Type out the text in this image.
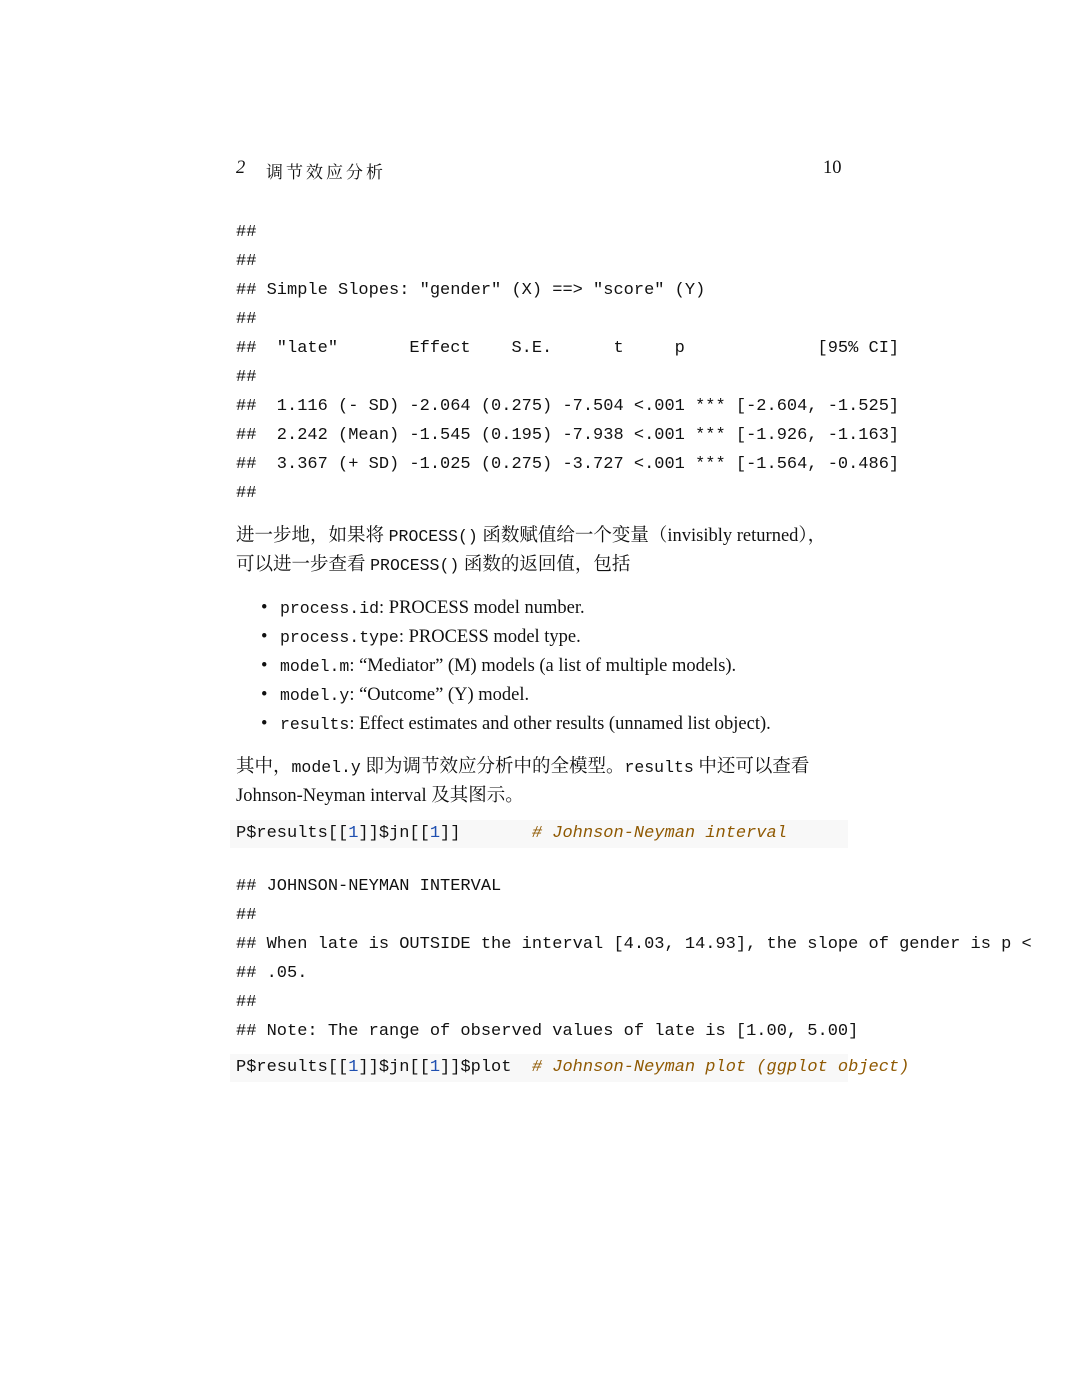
2 调节效应分析	10
##
##
## Simple Slopes: "gender" (X) ==> "score" (Y)
##
##  "late"       Effect    S.E.      t     p             [95% CI]
##
##  1.116 (- SD) -2.064 (0.275) -7.504 <.001 *** [-2.604, -1.525]
##  2.242 (Mean) -1.545 (0.195) -7.938 <.001 *** [-1.926, -1.163]
##  3.367 (+ SD) -1.025 (0.275) -3.727 <.001 *** [-1.564, -0.486]
##
进一步地，如果将 PROCESS() 函数赋值给一个变量（invisibly returned），
可以进一步查看 PROCESS() 函数的返回值，包括
• process.id: PROCESS model number.
• process.type: PROCESS model type.
• model.m: “Mediator” (M) models (a list of multiple models).
• model.y: “Outcome” (Y) model.
• results: Effect estimates and other results (unnamed list object).
其中，model.y 即为调节效应分析中的全模型。results 中还可以查看
Johnson-Neyman interval 及其图示。
P$results[[1]]$jn[[1]]       # Johnson-Neyman interval
## JOHNSON-NEYMAN INTERVAL
##
## When late is OUTSIDE the interval [4.03, 14.93], the slope of gender is p <
## .05.
##
## Note: The range of observed values of late is [1.00, 5.00]
P$results[[1]]$jn[[1]]$plot  # Johnson-Neyman plot (ggplot object)
